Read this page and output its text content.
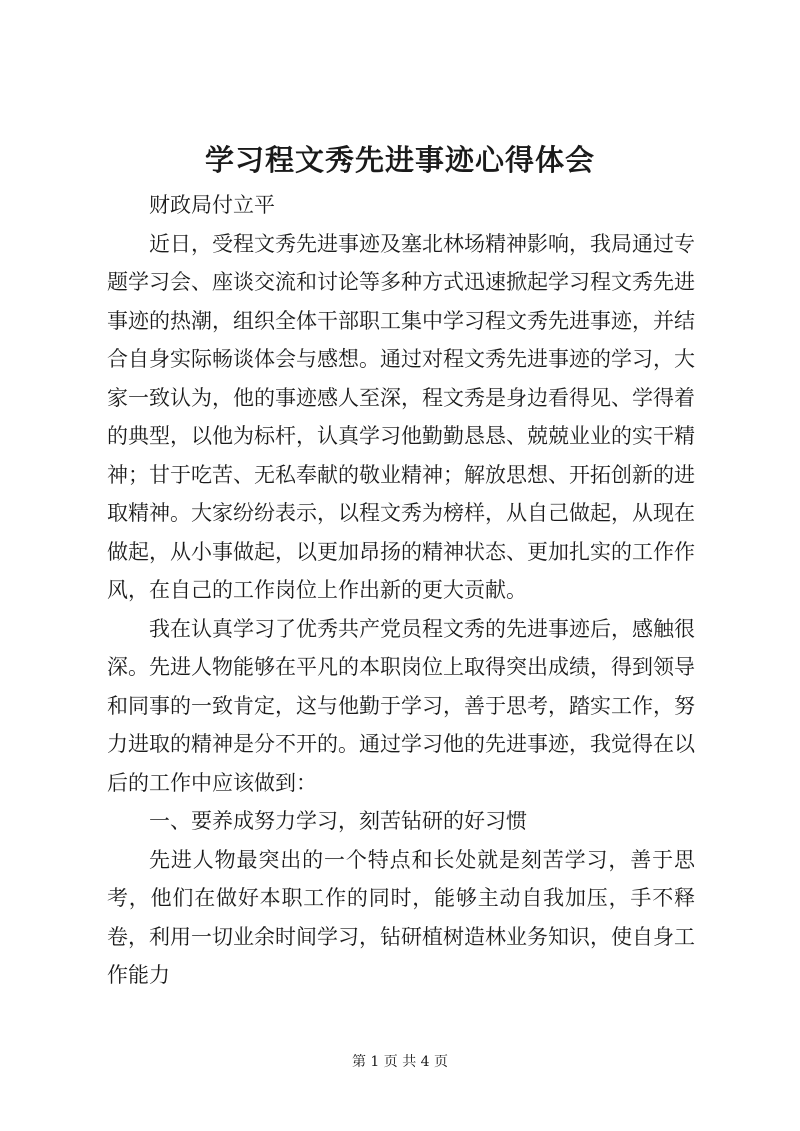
学习程文秀先进事迹心得体会

财政局付立平

近日，受程文秀先进事迹及塞北林场精神影响，我局通过专题学习会、座谈交流和讨论等多种方式迅速掀起学习程文秀先进事迹的热潮，组织全体干部职工集中学习程文秀先进事迹，并结合自身实际畅谈体会与感想。通过对程文秀先进事迹的学习，大家一致认为，他的事迹感人至深，程文秀是身边看得见、学得着的典型，以他为标杆，认真学习他勤勤恳恳、兢兢业业的实干精神；甘于吃苦、无私奉献的敬业精神；解放思想、开拓创新的进取精神。大家纷纷表示，以程文秀为榜样，从自己做起，从现在做起，从小事做起，以更加昂扬的精神状态、更加扎实的工作作风，在自己的工作岗位上作出新的更大贡献。

我在认真学习了优秀共产党员程文秀的先进事迹后，感触很深。先进人物能够在平凡的本职岗位上取得突出成绩，得到领导和同事的一致肯定，这与他勤于学习，善于思考，踏实工作，努力进取的精神是分不开的。通过学习他的先进事迹，我觉得在以后的工作中应该做到：

一、要养成努力学习，刻苦钻研的好习惯

先进人物最突出的一个特点和长处就是刻苦学习，善于思考，他们在做好本职工作的同时，能够主动自我加压，手不释卷，利用一切业余时间学习，钻研植树造林业务知识，使自身工作能力

第 1 页 共 4 页
